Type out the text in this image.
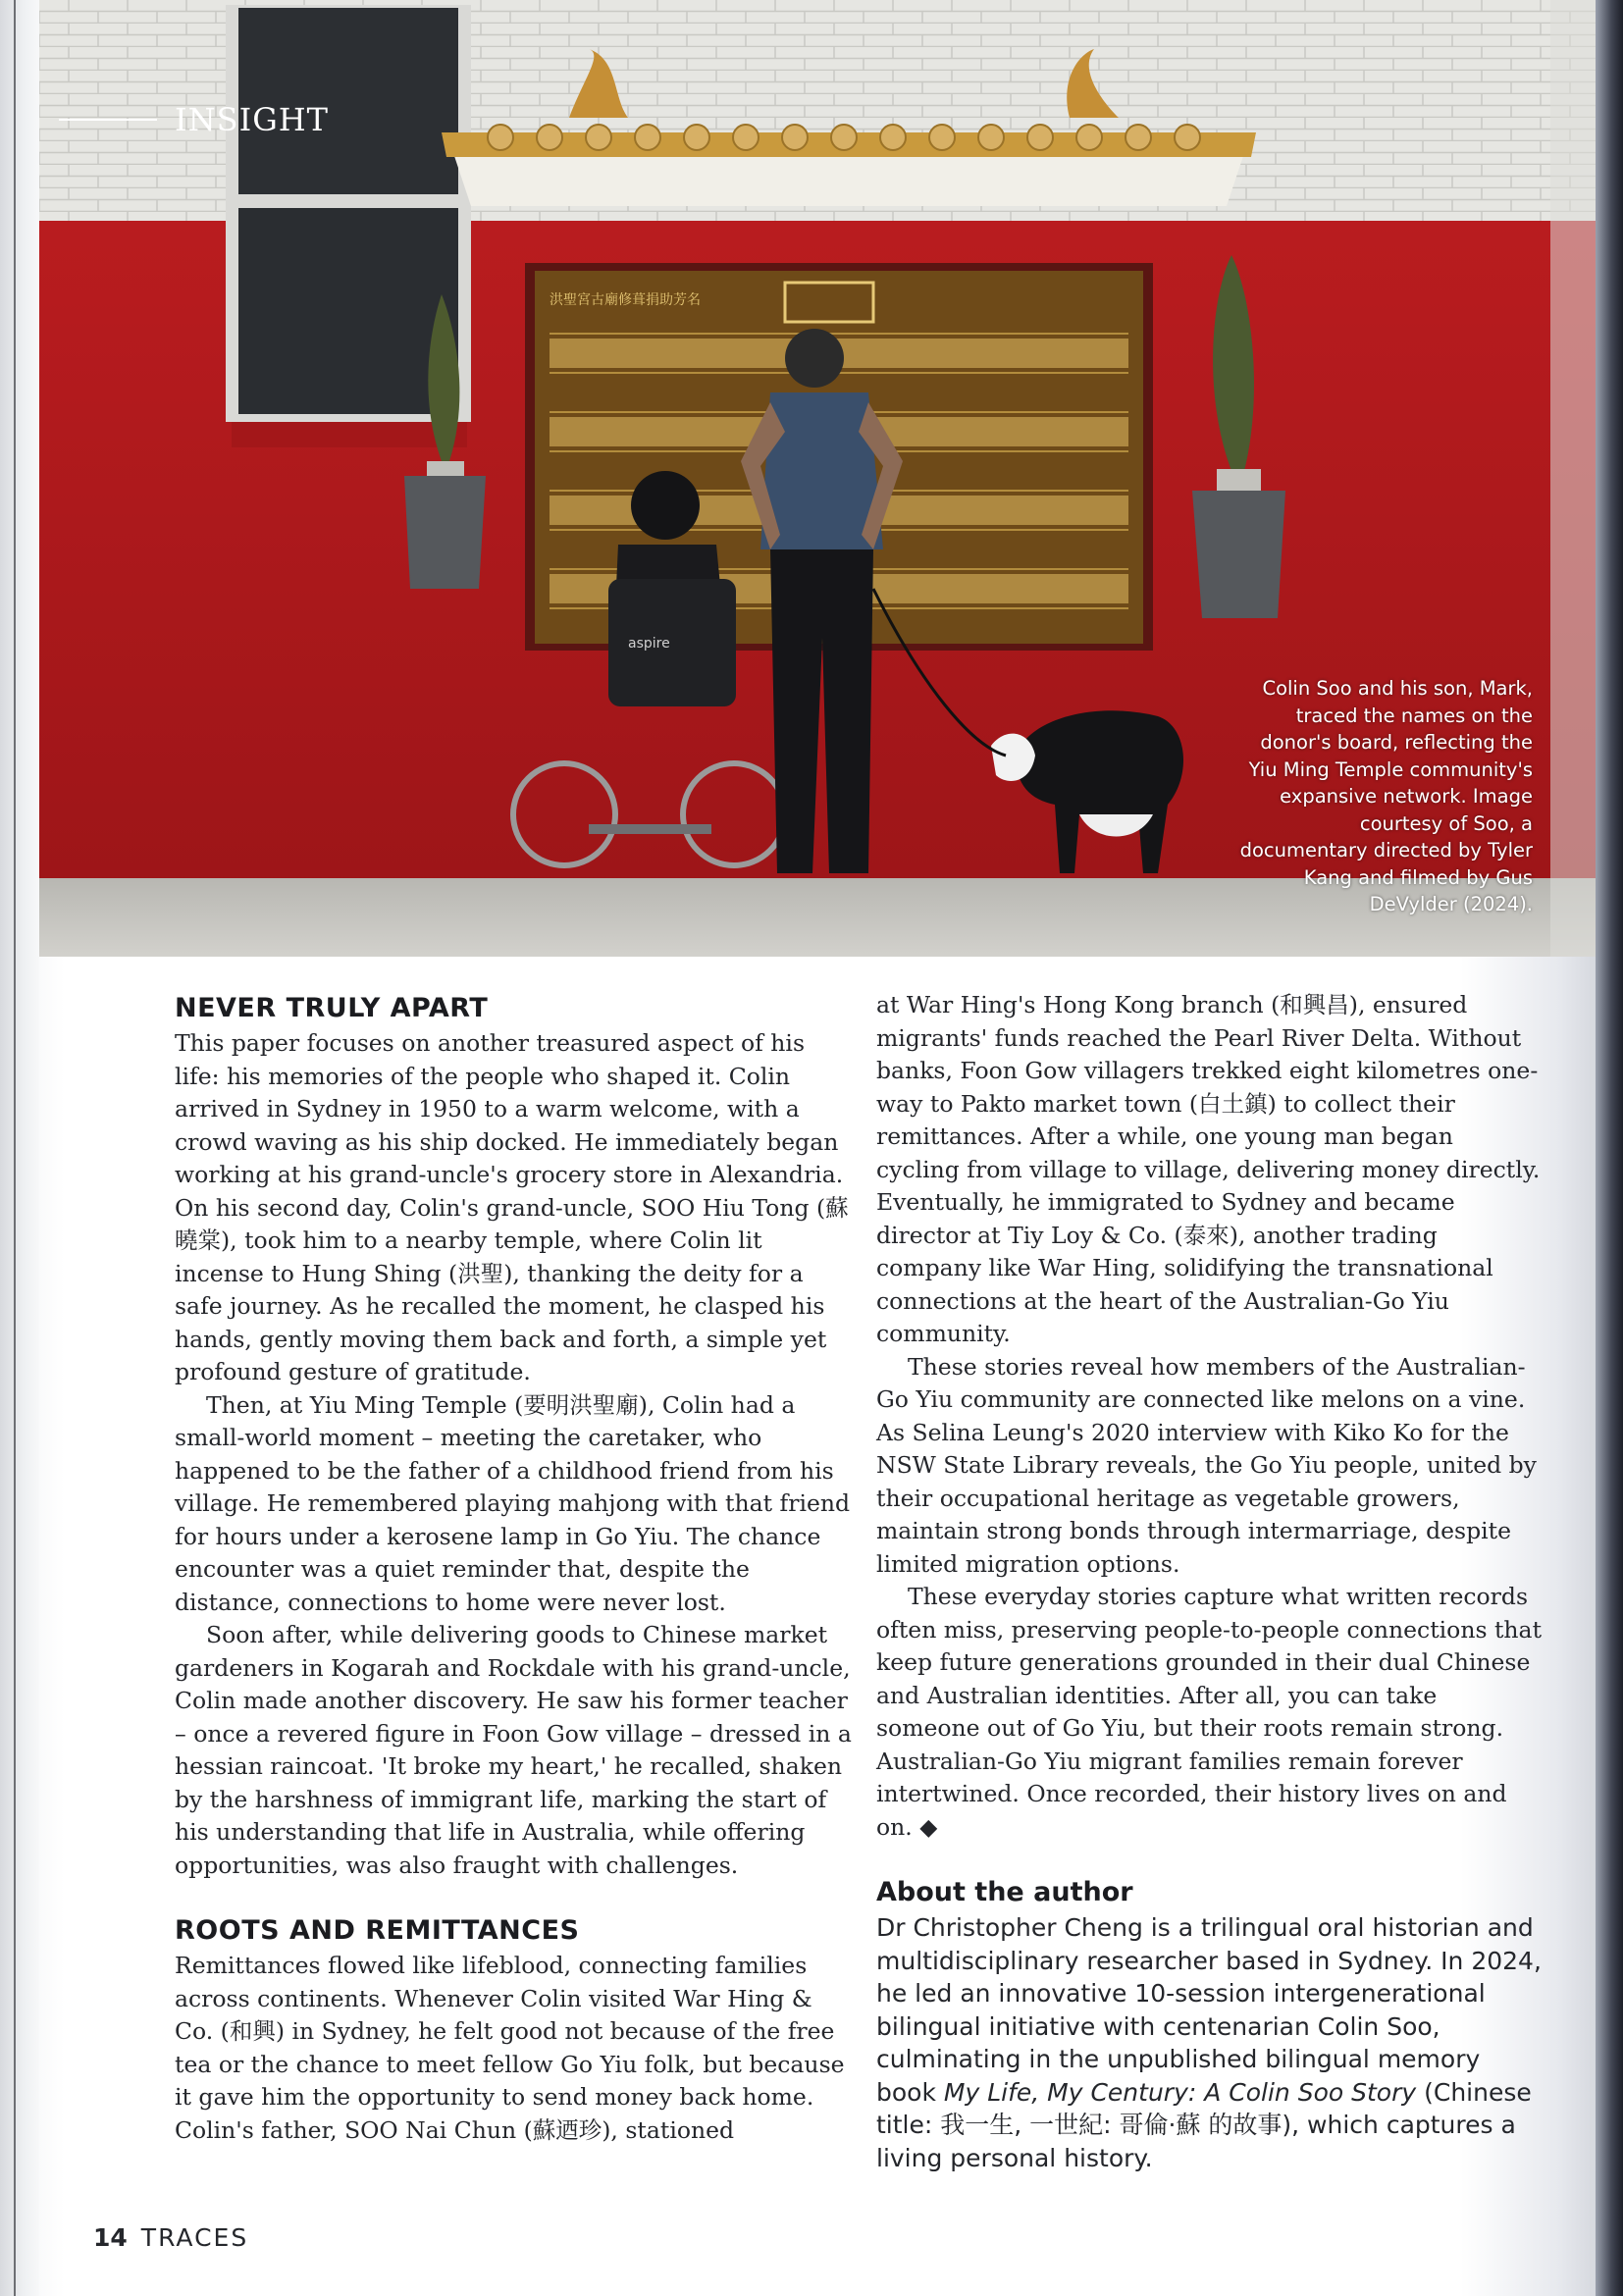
洪聖宮古廟修葺捐助芳名
aspire
INSIGHT
Colin Soo and his son, Mark, traced the names on the donor's board, reflecting the Yiu Ming Temple community's expansive network. Image courtesy of Soo, a documentary directed by Tyler Kang and filmed by Gus DeVylder (2024).
NEVER TRULY APART

This paper focuses on another treasured aspect of his life: his memories of the people who shaped it. Colin arrived in Sydney in 1950 to a warm welcome, with a crowd waving as his ship docked. He immediately began working at his grand-uncle's grocery store in Alexandria. On his second day, Colin's grand-uncle, SOO Hiu Tong (蘇曉棠), took him to a nearby temple, where Colin lit incense to Hung Shing (洪聖), thanking the deity for a safe journey. As he recalled the moment, he clasped his hands, gently moving them back and forth, a simple yet profound gesture of gratitude.

Then, at Yiu Ming Temple (要明洪聖廟), Colin had a small-world moment – meeting the caretaker, who happened to be the father of a childhood friend from his village. He remembered playing mahjong with that friend for hours under a kerosene lamp in Go Yiu. The chance encounter was a quiet reminder that, despite the distance, connections to home were never lost.

Soon after, while delivering goods to Chinese market gardeners in Kogarah and Rockdale with his grand-uncle, Colin made another discovery. He saw his former teacher – once a revered figure in Foon Gow village – dressed in a hessian raincoat. 'It broke my heart,' he recalled, shaken by the harshness of immigrant life, marking the start of his understanding that life in Australia, while offering opportunities, was also fraught with challenges.

ROOTS AND REMITTANCES

Remittances flowed like lifeblood, connecting families across continents. Whenever Colin visited War Hing & Co. (和興) in Sydney, he felt good not because of the free tea or the chance to meet fellow Go Yiu folk, but because it gave him the opportunity to send money back home. Colin's father, SOO Nai Chun (蘇迺珍), stationed

at War Hing's Hong Kong branch (和興昌), ensured migrants' funds reached the Pearl River Delta. Without banks, Foon Gow villagers trekked eight kilometres one-way to Pakto market town (白土鎮) to collect their remittances. After a while, one young man began cycling from village to village, delivering money directly. Eventually, he immigrated to Sydney and became director at Tiy Loy & Co. (泰來), another trading company like War Hing, solidifying the transnational connections at the heart of the Australian-Go Yiu community.

These stories reveal how members of the Australian-Go Yiu community are connected like melons on a vine. As Selina Leung's 2020 interview with Kiko Ko for the NSW State Library reveals, the Go Yiu people, united by their occupational heritage as vegetable growers, maintain strong bonds through intermarriage, despite limited migration options.

These everyday stories capture what written records often miss, preserving people-to-people connections that keep future generations grounded in their dual Chinese and Australian identities. After all, you can take someone out of Go Yiu, but their roots remain strong. Australian-Go Yiu migrant families remain forever intertwined. Once recorded, their history lives on and on. ◆

About the author

Dr Christopher Cheng is a trilingual oral historian and multidisciplinary researcher based in Sydney. In 2024, he led an innovative 10-session intergenerational bilingual initiative with centenarian Colin Soo, culminating in the unpublished bilingual memory book My Life, My Century: A Colin Soo Story (Chinese title: 我一生, 一世紀: 哥倫·蘇 的故事), which captures a living personal history.

14 TRACES
